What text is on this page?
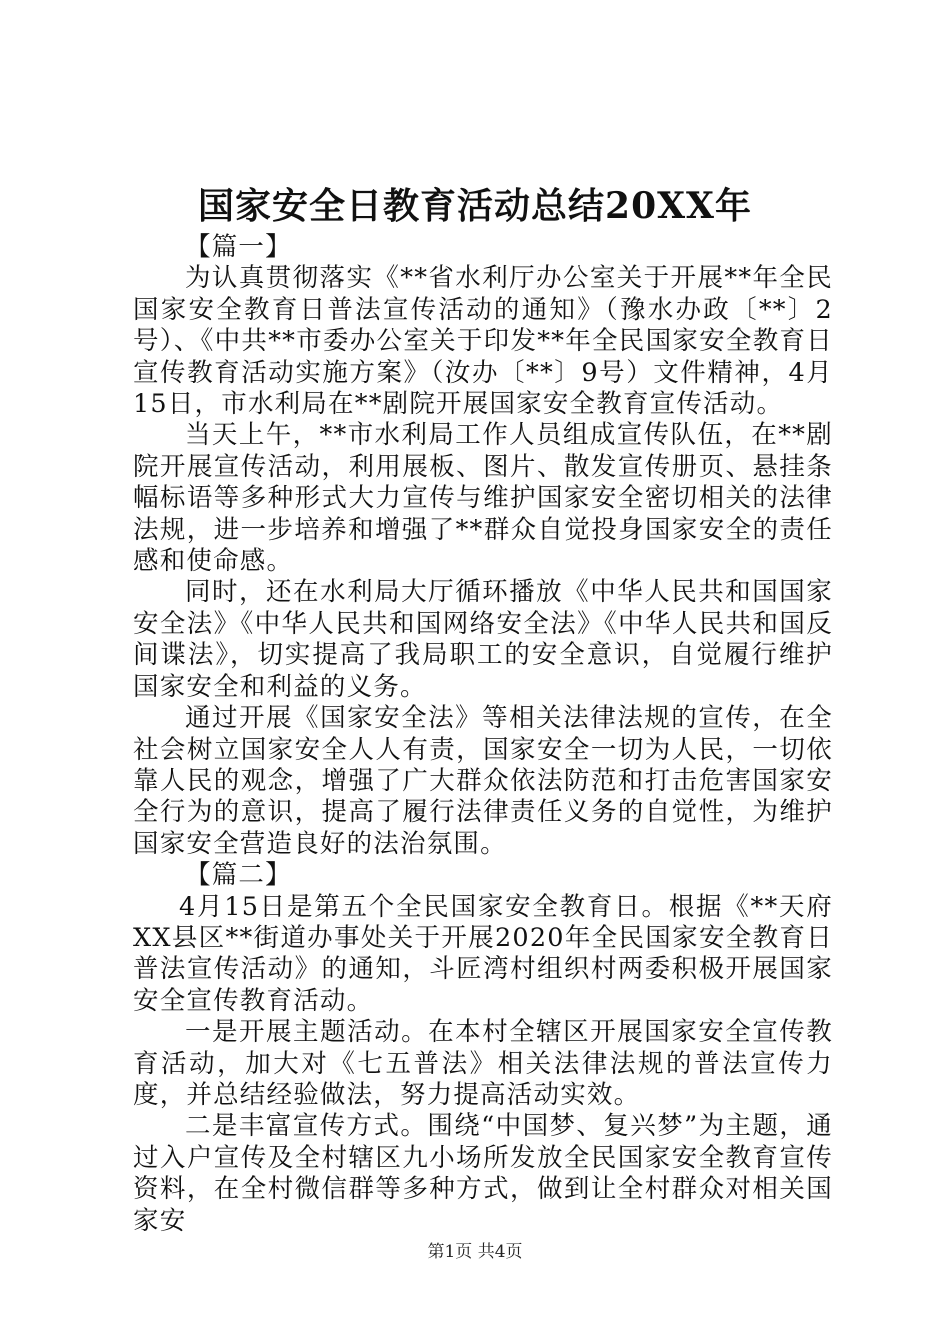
国家安全日教育活动总结20XX年

【篇一】

为认真贯彻落实《**省水利厅办公室关于开展**年全民国家安全教育日普法宣传活动的通知》（豫水办政〔**〕2号）、《中共**市委办公室关于印发**年全民国家安全教育日宣传教育活动实施方案》（汝办〔**〕9号）文件精神，4月15日，市水利局在**剧院开展国家安全教育宣传活动。

当天上午，**市水利局工作人员组成宣传队伍，在**剧院开展宣传活动，利用展板、图片、散发宣传册页、悬挂条幅标语等多种形式大力宣传与维护国家安全密切相关的法律法规，进一步培养和增强了**群众自觉投身国家安全的责任感和使命感。

同时，还在水利局大厅循环播放《中华人民共和国国家安全法》《中华人民共和国网络安全法》《中华人民共和国反间谍法》，切实提高了我局职工的安全意识，自觉履行维护国家安全和利益的义务。

通过开展《国家安全法》等相关法律法规的宣传，在全社会树立国家安全人人有责，国家安全一切为人民，一切依靠人民的观念，增强了广大群众依法防范和打击危害国家安全行为的意识，提高了履行法律责任义务的自觉性，为维护国家安全营造良好的法治氛围。

【篇二】

4月15日是第五个全民国家安全教育日。根据《**天府XX县区**街道办事处关于开展2020年全民国家安全教育日普法宣传活动》的通知，斗匠湾村组织村两委积极开展国家安全宣传教育活动。

一是开展主题活动。在本村全辖区开展国家安全宣传教育活动，加大对《七五普法》相关法律法规的普法宣传力度，并总结经验做法，努力提高活动实效。

二是丰富宣传方式。围绕“中国梦、复兴梦”为主题，通过入户宣传及全村辖区九小场所发放全民国家安全教育宣传资料，在全村微信群等多种方式，做到让全村群众对相关国家安

第1页 共4页
